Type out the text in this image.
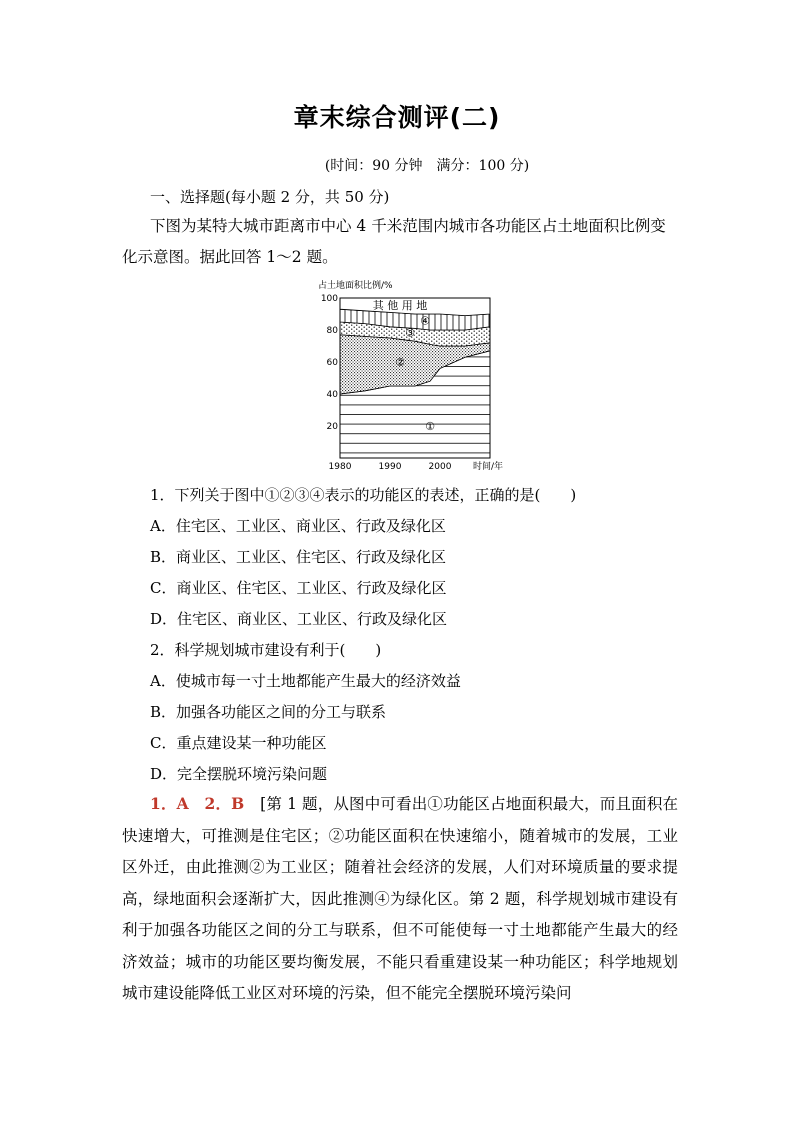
章末综合测评(二)
(时间：90 分钟　满分：100 分)
一、选择题(每小题 2 分，共 50 分)
下图为某特大城市距离市中心 4 千米范围内城市各功能区占土地面积比例变化示意图。据此回答 1～2 题。
占土地面积比例/%
①
②
③
④
其 他 用 地
20
40
60
80
100
1980	1990	2000 时间/年
1．下列关于图中①②③④表示的功能区的表述，正确的是(　　)
A．住宅区、工业区、商业区、行政及绿化区
B．商业区、工业区、住宅区、行政及绿化区
C．商业区、住宅区、工业区、行政及绿化区
D．住宅区、商业区、工业区、行政及绿化区
2．科学规划城市建设有利于(　　)
A．使城市每一寸土地都能产生最大的经济效益
B．加强各功能区之间的分工与联系
C．重点建设某一种功能区
D．完全摆脱环境污染问题
1．A　2．B　 [第 1 题，从图中可看出①功能区占地面积最大，而且面积在快速增大，可推测是住宅区；②功能区面积在快速缩小，随着城市的发展，工业区外迁，由此推测②为工业区；随着社会经济的发展，人们对环境质量的要求提高，绿地面积会逐渐扩大，因此推测④为绿化区。第 2 题，科学规划城市建设有利于加强各功能区之间的分工与联系，但不可能使每一寸土地都能产生最大的经济效益；城市的功能区要均衡发展，不能只看重建设某一种功能区；科学地规划城市建设能降低工业区对环境的污染，但不能完全摆脱环境污染问
